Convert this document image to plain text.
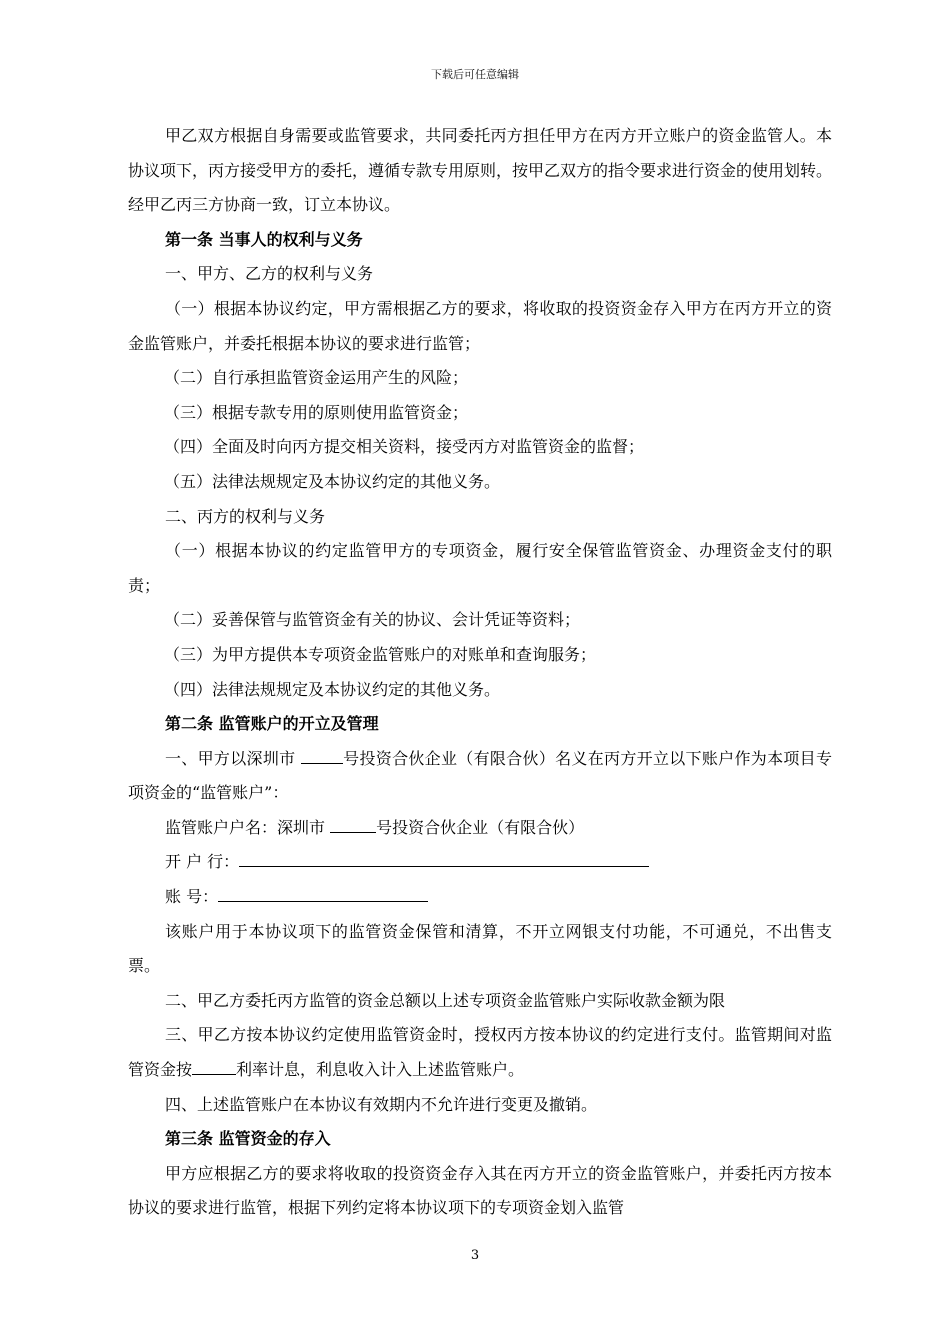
下载后可任意编辑

甲乙双方根据自身需要或监管要求，共同委托丙方担任甲方在丙方开立账户的资金监管人。本协议项下，丙方接受甲方的委托，遵循专款专用原则，按甲乙双方的指令要求进行资金的使用划转。经甲乙丙三方协商一致，订立本协议。

第一条 当事人的权利与义务

一、甲方、乙方的权利与义务

（一）根据本协议约定，甲方需根据乙方的要求，将收取的投资资金存入甲方在丙方开立的资金监管账户，并委托根据本协议的要求进行监管；

（二）自行承担监管资金运用产生的风险；

（三）根据专款专用的原则使用监管资金；

（四）全面及时向丙方提交相关资料，接受丙方对监管资金的监督；

（五）法律法规规定及本协议约定的其他义务。

二、丙方的权利与义务

（一）根据本协议的约定监管甲方的专项资金，履行安全保管监管资金、办理资金支付的职责；

（二）妥善保管与监管资金有关的协议、会计凭证等资料；

（三）为甲方提供本专项资金监管账户的对账单和查询服务；

（四）法律法规规定及本协议约定的其他义务。

第二条 监管账户的开立及管理

一、甲方以深圳市	号投资合伙企业（有限合伙）名义在丙方开立以下账户作为本项目专项资金的“监管账户”：

监管账户户名：深圳市	号投资合伙企业（有限合伙）

开 户 行：

账 号：

该账户用于本协议项下的监管资金保管和清算，不开立网银支付功能，不可通兑，不出售支票。

二、甲乙方委托丙方监管的资金总额以上述专项资金监管账户实际收款金额为限

三、甲乙方按本协议约定使用监管资金时，授权丙方按本协议的约定进行支付。监管期间对监管资金按	利率计息，利息收入计入上述监管账户。

四、上述监管账户在本协议有效期内不允许进行变更及撤销。

第三条 监管资金的存入

甲方应根据乙方的要求将收取的投资资金存入其在丙方开立的资金监管账户，并委托丙方按本协议的要求进行监管，根据下列约定将本协议项下的专项资金划入监管

3
